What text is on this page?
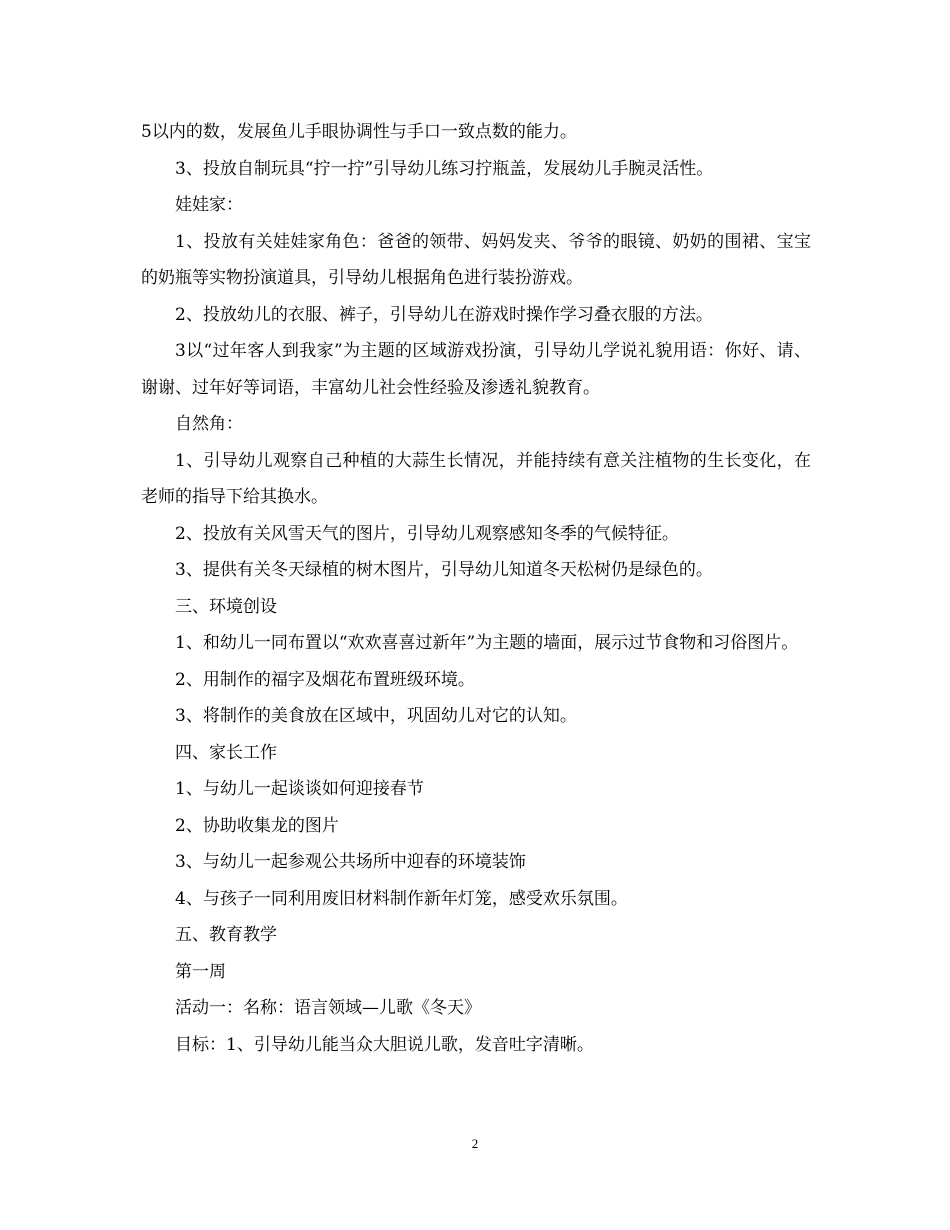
5以内的数，发展鱼儿手眼协调性与手口一致点数的能力。

3、投放自制玩具“拧一拧”引导幼儿练习拧瓶盖，发展幼儿手腕灵活性。

娃娃家：

1、投放有关娃娃家角色：爸爸的领带、妈妈发夹、爷爷的眼镜、奶奶的围裙、宝宝的奶瓶等实物扮演道具，引导幼儿根据角色进行装扮游戏。

2、投放幼儿的衣服、裤子，引导幼儿在游戏时操作学习叠衣服的方法。

3以“过年客人到我家”为主题的区域游戏扮演，引导幼儿学说礼貌用语：你好、请、谢谢、过年好等词语，丰富幼儿社会性经验及渗透礼貌教育。

自然角：

1、引导幼儿观察自己种植的大蒜生长情况，并能持续有意关注植物的生长变化，在老师的指导下给其换水。

2、投放有关风雪天气的图片，引导幼儿观察感知冬季的气候特征。

3、提供有关冬天绿植的树木图片，引导幼儿知道冬天松树仍是绿色的。

三、环境创设

1、和幼儿一同布置以“欢欢喜喜过新年”为主题的墙面，展示过节食物和习俗图片。

2、用制作的福字及烟花布置班级环境。

3、将制作的美食放在区域中，巩固幼儿对它的认知。

四、家长工作

1、与幼儿一起谈谈如何迎接春节

2、协助收集龙的图片

3、与幼儿一起参观公共场所中迎春的环境装饰

4、与孩子一同利用废旧材料制作新年灯笼，感受欢乐氛围。

五、教育教学

第一周

活动一：名称：语言领域—儿歌《冬天》

目标：1、引导幼儿能当众大胆说儿歌，发音吐字清晰。

2
